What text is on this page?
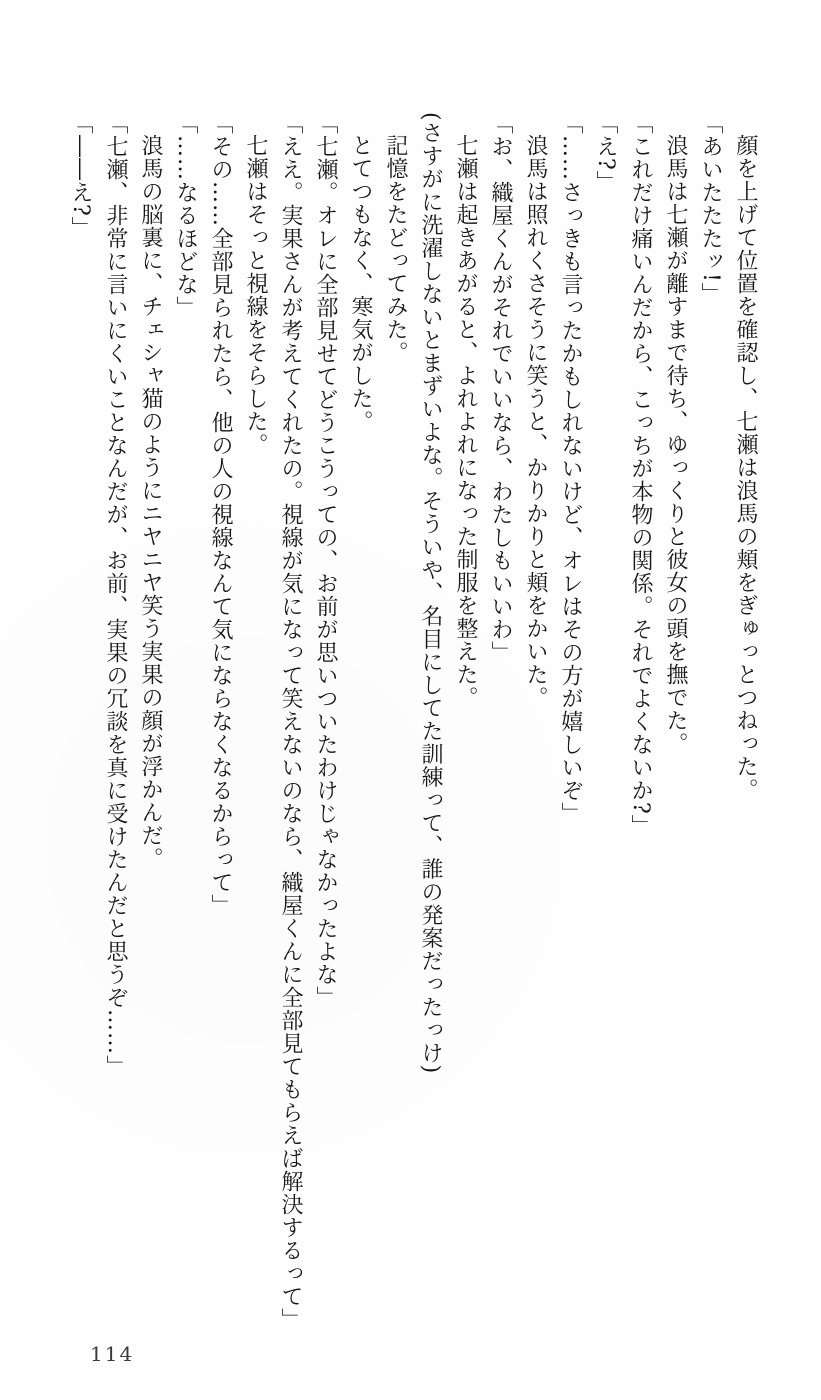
顔を上げて位置を確認し、七瀬は浪馬の頬をぎゅっとつねった。

「あいたたたッ!」

浪馬は七瀬が離すまで待ち、ゆっくりと彼女の頭を撫でた。

「これだけ痛いんだから、こっちが本物の関係。それでよくないか?」

「え?」

「……さっきも言ったかもしれないけど、オレはその方が嬉しいぞ」

浪馬は照れくさそうに笑うと、かりかりと頬をかいた。

「お、織屋くんがそれでいいなら、わたしもいいわ」

七瀬は起きあがると、よれよれになった制服を整えた。

(さすがに洗濯しないとまずいよな。そういや、名目にしてた訓練って、誰の発案だったっけ)

記憶をたどってみた。

とてつもなく、寒気がした。

「七瀬。オレに全部見せてどうこうっての、お前が思いついたわけじゃなかったよな」

「ええ。実果さんが考えてくれたの。視線が気になって笑えないのなら、織屋くんに全部見てもらえば解決するって」

七瀬はそっと視線をそらした。

「その……全部見られたら、他の人の視線なんて気にならなくなるからって」

「……なるほどな」

浪馬の脳裏に、チェシャ猫のようにニヤニヤ笑う実果の顔が浮かんだ。

「七瀬、非常に言いにくいことなんだが、お前、実果の冗談を真に受けたんだと思うぞ……」

「――え?」

114
